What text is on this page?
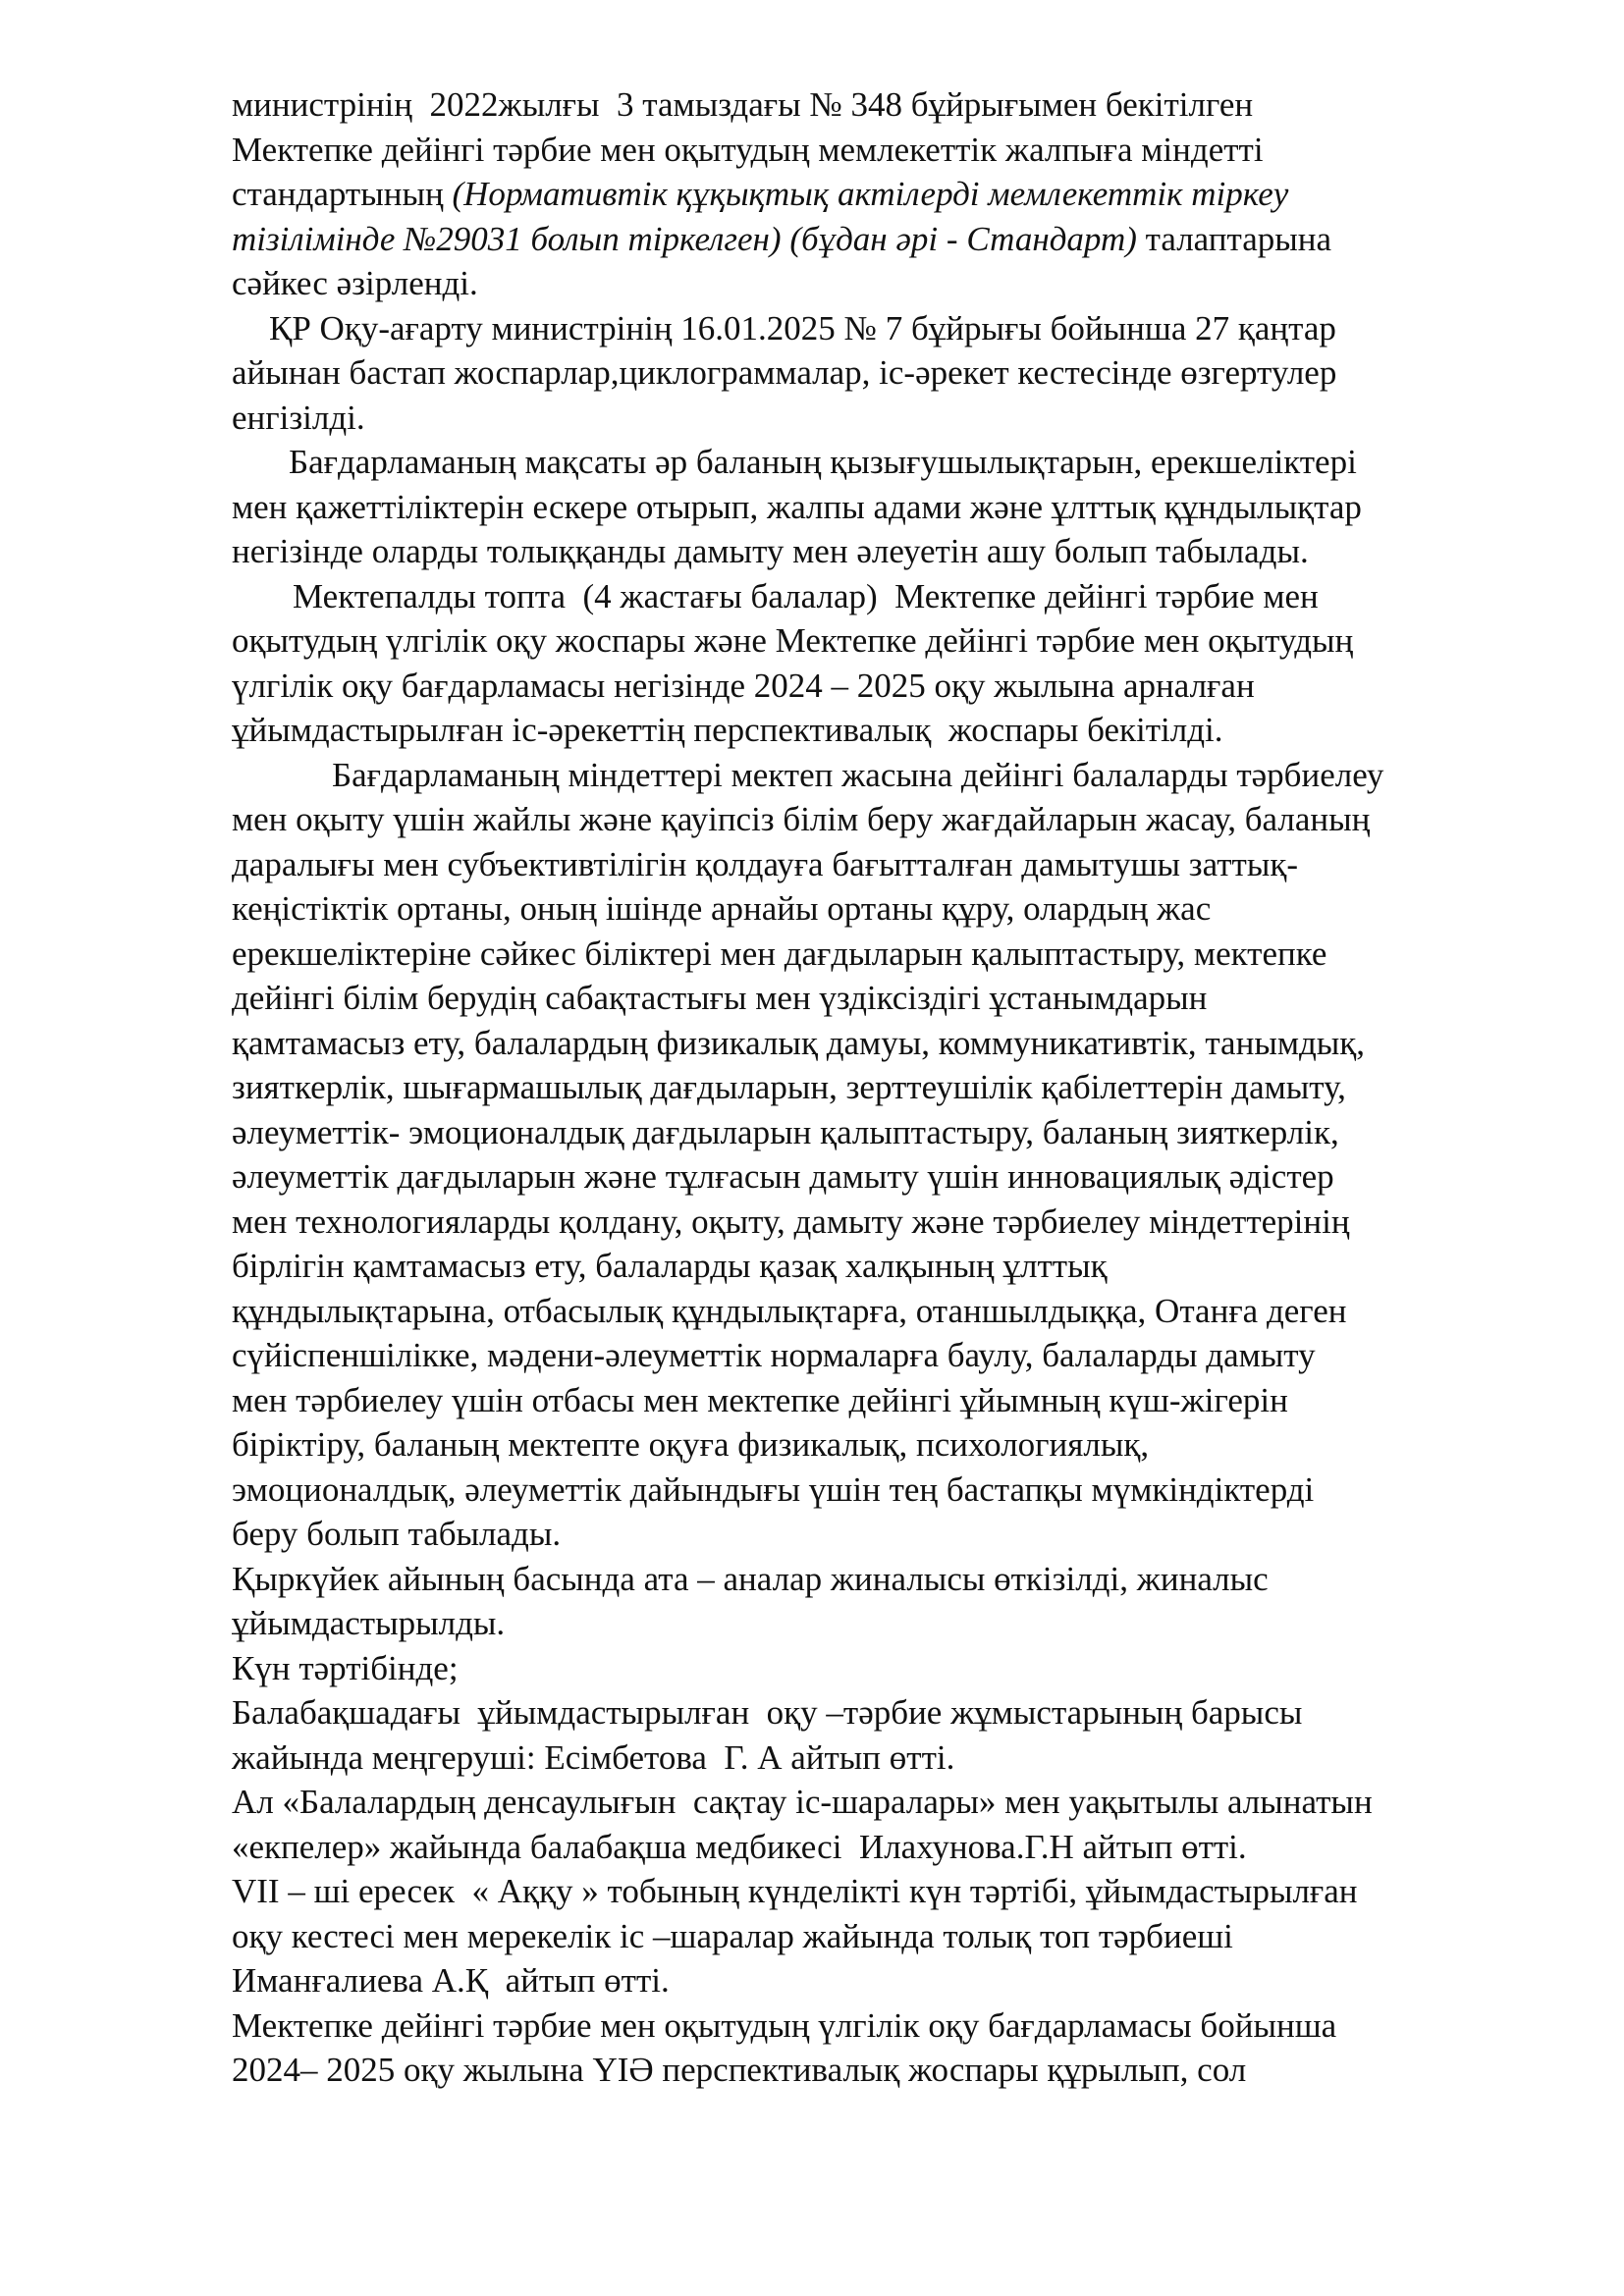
министрінің  2022жылғы  3 тамыздағы № 348 бұйрығымен бекітілген
Мектепке дейінгі тәрбие мен оқытудың мемлекеттік жалпыға міндетті
стандартының (Нормативтік құқықтық актілерді мемлекеттік тіркеу
тізілімінде №29031 болып тіркелген) (бұдан әрі - Стандарт) талаптарына
сәйкес әзірленді.
ҚР Оқу-ағарту министрінің 16.01.2025 № 7 бұйрығы бойынша 27 қаңтар
айынан бастап жоспарлар,циклограммалар, іс-әрекет кестесінде өзгертулер
енгізілді.
Бағдарламаның мақсаты әр баланың қызығушылықтарын, ерекшеліктері
мен қажеттіліктерін ескере отырып, жалпы адами және ұлттық құндылықтар
негізінде оларды толыққанды дамыту мен әлеуетін ашу болып табылады.
Мектепалды топта  (4 жастағы балалар)  Мектепке дейінгі тәрбие мен
оқытудың үлгілік оқу жоспары және Мектепке дейінгі тәрбие мен оқытудың
үлгілік оқу бағдарламасы негізінде 2024 – 2025 оқу жылына арналған
ұйымдастырылған іс-әрекеттің перспективалық  жоспары бекітілді.
Бағдарламаның міндеттері мектеп жасына дейінгі балаларды тәрбиелеу
мен оқыту үшін жайлы және қауіпсіз білім беру жағдайларын жасау, баланың
даралығы мен субъективтілігін қолдауға бағытталған дамытушы заттық-
кеңістіктік ортаны, оның ішінде арнайы ортаны құру, олардың жас
ерекшеліктеріне сәйкес біліктері мен дағдыларын қалыптастыру, мектепке
дейінгі білім берудің сабақтастығы мен үздіксіздігі ұстанымдарын
қамтамасыз ету, балалардың физикалық дамуы, коммуникативтік, танымдық,
зияткерлік, шығармашылық дағдыларын, зерттеушілік қабілеттерін дамыту,
әлеуметтік- эмоционалдық дағдыларын қалыптастыру, баланың зияткерлік,
әлеуметтік дағдыларын және тұлғасын дамыту үшін инновациялық әдістер
мен технологияларды қолдану, оқыту, дамыту және тәрбиелеу міндеттерінің
бірлігін қамтамасыз ету, балаларды қазақ халқының ұлттық
құндылықтарына, отбасылық құндылықтарға, отаншылдыққа, Отанға деген
сүйіспеншілікке, мәдени-әлеуметтік нормаларға баулу, балаларды дамыту
мен тәрбиелеу үшін отбасы мен мектепке дейінгі ұйымның күш-жігерін
біріктіру, баланың мектепте оқуға физикалық, психологиялық,
эмоционалдық, әлеуметтік дайындығы үшін тең бастапқы мүмкіндіктерді
беру болып табылады.
Қыркүйек айының басында ата – аналар жиналысы өткізілді, жиналыс
ұйымдастырылды.
Күн тәртібінде;
Балабақшадағы  ұйымдастырылған  оқу –тәрбие жұмыстарының барысы
жайында меңгеруші: Есімбетова  Г. А айтып өтті.
Ал «Балалардың денсаулығын  сақтау іс-шаралары» мен уақытылы алынатын
«екпелер» жайында балабақша медбикесі  Илахунова.Г.Н айтып өтті.
VІІ – ші ересек  « Аққу » тобының күнделікті күн тәртібі, ұйымдастырылған
оқу кестесі мен мерекелік іс –шаралар жайында толық топ тәрбиеші
Иманғалиева А.Қ  айтып өтті.
Мектепке дейінгі тәрбие мен оқытудың үлгілік оқу бағдарламасы бойынша
2024– 2025 оқу жылына ҮІӘ перспективалық жоспары құрылып, сол
